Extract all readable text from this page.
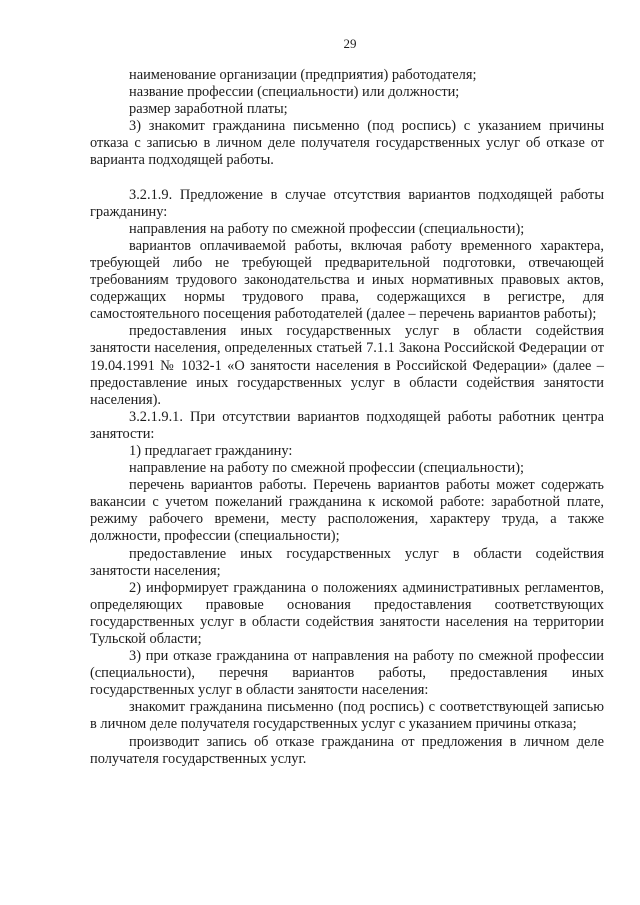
29

наименование организации (предприятия) работодателя;

название профессии (специальности) или должности;

размер заработной платы;

3) знакомит гражданина письменно (под роспись) с указанием причины отказа с записью в личном деле получателя государственных услуг об отказе от варианта подходящей работы.

3.2.1.9. Предложение в случае отсутствия вариантов подходящей работы гражданину:

направления на работу по смежной профессии (специальности);

вариантов оплачиваемой работы, включая работу временного характера, требующей либо не требующей предварительной подготовки, отвечающей требованиям трудового законодательства и иных нормативных правовых актов, содержащих нормы трудового права, содержащихся в регистре, для самостоятельного посещения работодателей (далее – перечень вариантов работы);

предоставления иных государственных услуг в области содействия занятости населения, определенных статьей 7.1.1 Закона Российской Федерации от 19.04.1991 № 1032-1 «О занятости населения в Российской Федерации» (далее – предоставление иных государственных услуг в области содействия занятости населения).

3.2.1.9.1. При отсутствии вариантов подходящей работы работник центра занятости:

1) предлагает гражданину:

направление на работу по смежной профессии (специальности);

перечень вариантов работы. Перечень вариантов работы может содержать вакансии с учетом пожеланий гражданина к искомой работе: заработной плате, режиму рабочего времени, месту расположения, характеру труда, а также должности, профессии (специальности);

предоставление иных государственных услуг в области содействия занятости населения;

2) информирует гражданина о положениях административных регламентов, определяющих правовые основания предоставления соответствующих государственных услуг в области содействия занятости населения на территории Тульской области;

3) при отказе гражданина от направления на работу по смежной профессии (специальности), перечня вариантов работы, предоставления иных государственных услуг в области занятости населения:

знакомит гражданина письменно (под роспись) с соответствующей записью в личном деле получателя государственных услуг с указанием причины отказа;

производит запись об отказе гражданина от предложения в личном деле получателя государственных услуг.
